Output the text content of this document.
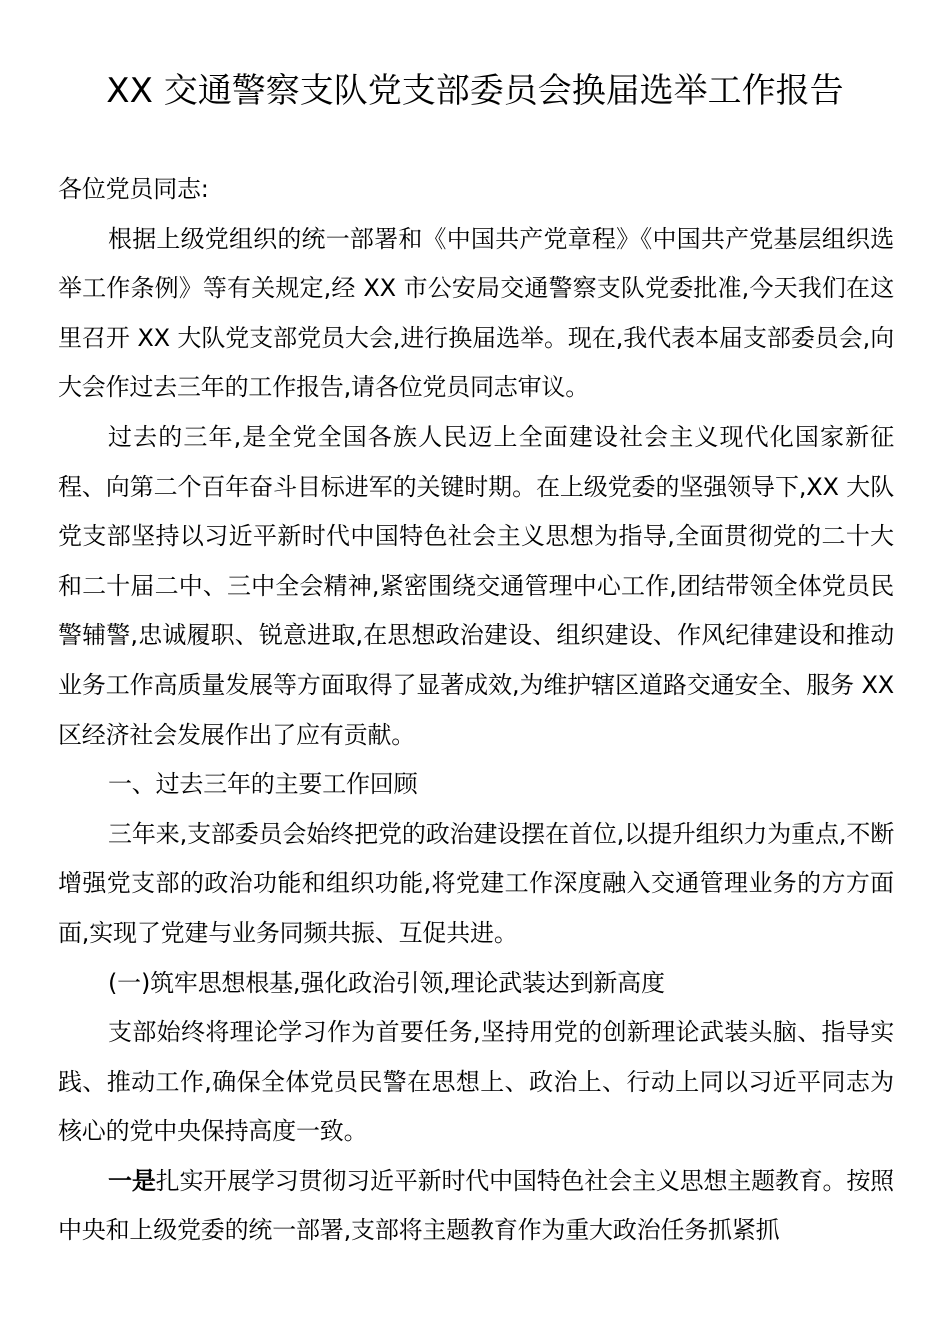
XX 交通警察支队党支部委员会换届选举工作报告

各位党员同志:

根据上级党组织的统一部署和《中国共产党章程》《中国共产党基层组织选举工作条例》等有关规定,经 XX 市公安局交通警察支队党委批准,今天我们在这里召开 XX 大队党支部党员大会,进行换届选举。现在,我代表本届支部委员会,向大会作过去三年的工作报告,请各位党员同志审议。

过去的三年,是全党全国各族人民迈上全面建设社会主义现代化国家新征程、向第二个百年奋斗目标进军的关键时期。在上级党委的坚强领导下,XX 大队党支部坚持以习近平新时代中国特色社会主义思想为指导,全面贯彻党的二十大和二十届二中、三中全会精神,紧密围绕交通管理中心工作,团结带领全体党员民警辅警,忠诚履职、锐意进取,在思想政治建设、组织建设、作风纪律建设和推动业务工作高质量发展等方面取得了显著成效,为维护辖区道路交通安全、服务 XX 区经济社会发展作出了应有贡献。

一、过去三年的主要工作回顾

三年来,支部委员会始终把党的政治建设摆在首位,以提升组织力为重点,不断增强党支部的政治功能和组织功能,将党建工作深度融入交通管理业务的方方面面,实现了党建与业务同频共振、互促共进。

(一)筑牢思想根基,强化政治引领,理论武装达到新高度

支部始终将理论学习作为首要任务,坚持用党的创新理论武装头脑、指导实践、推动工作,确保全体党员民警在思想上、政治上、行动上同以习近平同志为核心的党中央保持高度一致。

一是扎实开展学习贯彻习近平新时代中国特色社会主义思想主题教育。按照中央和上级党委的统一部署,支部将主题教育作为重大政治任务抓紧抓
